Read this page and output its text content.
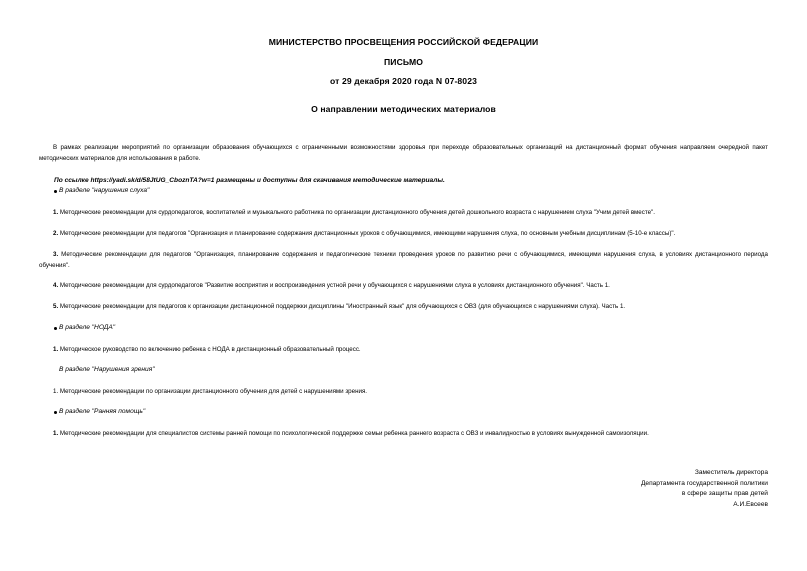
МИНИСТЕРСТВО ПРОСВЕЩЕНИЯ РОССИЙСКОЙ ФЕДЕРАЦИИ
ПИСЬМО
от 29 декабря 2020 года N 07-8023
О направлении методических материалов
В рамках реализации мероприятий по организации образования обучающихся с ограниченными возможностями здоровья при переходе образовательных организаций на дистанционный формат обучения направляем очередной пакет методических материалов для использования в работе.
По ссылке https://yadi.sk/d/58JtUG_CboznTA?w=1 размещены и доступны для скачивания методические материалы.
В разделе "нарушения слуха"
1. Методические рекомендации для сурдопедагогов, воспитателей и музыкального работника по организации дистанционного обучения детей дошкольного возраста с нарушением слуха "Учим детей вместе".
2. Методические рекомендации для педагогов "Организация и планирование содержания дистанционных уроков с обучающимися, имеющими нарушения слуха, по основным учебным дисциплинам (5-10-е классы)".
3. Методические рекомендации для педагогов "Организация, планирование содержания и педагогические техники проведения уроков по развитию речи с обучающимися, имеющими нарушения слуха, в условиях дистанционного периода обучения".
4. Методические рекомендации для сурдопедагогов "Развитие восприятия и воспроизведения устной речи у обучающихся с нарушениями слуха в условиях дистанционного обучения". Часть 1.
5. Методические рекомендации для педагогов к организации дистанционной поддержки дисциплины "Иностранный язык" для обучающихся с ОВЗ (для обучающихся с нарушениями слуха). Часть 1.
В разделе "НОДА"
1. Методическое руководство по включению ребенка с НОДА в дистанционный образовательный процесс.
В разделе "Нарушения зрения"
1. Методические рекомендации по организации дистанционного обучения для детей с нарушениями зрения.
В разделе "Ранняя помощь"
1. Методические рекомендации для специалистов системы ранней помощи по психологической поддержке семьи ребенка раннего возраста с ОВЗ и инвалидностью в условиях вынужденной самоизоляции.
Заместитель директора
Департамента государственной политики
в сфере защиты прав детей
А.И.Евсеев
